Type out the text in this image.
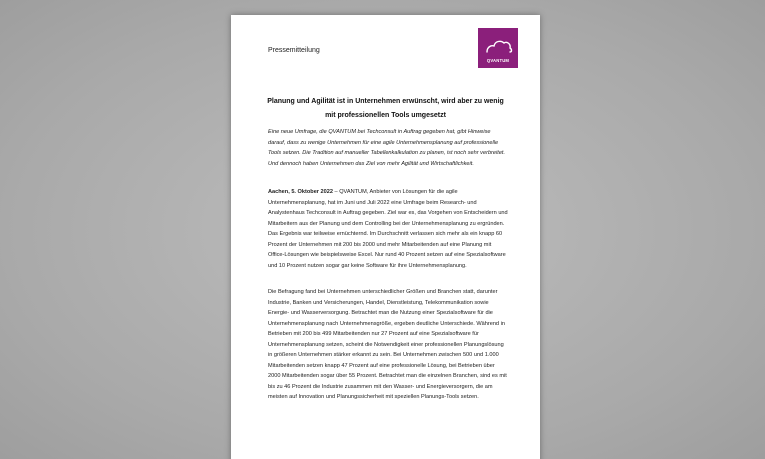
Pressemitteilung
QVANTUM
Planung und Agilität ist in Unternehmen erwünscht, wird aber zu wenig mit professionellen Tools umgesetzt
Eine neue Umfrage, die QVANTUM bei Techconsult in Auftrag gegeben hat, gibt Hinweise darauf, dass zu wenige Unternehmen für eine agile Unternehmensplanung auf professionelle Tools setzen. Die Tradition auf manueller Tabellenkalkulation zu planen, ist noch sehr verbreitet. Und dennoch haben Unternehmen das Ziel von mehr Agilität und Wirtschaftlichkeit.
Aachen, 5. Oktober 2022 – QVANTUM, Anbieter von Lösungen für die agile Unternehmensplanung, hat im Juni und Juli 2022 eine Umfrage beim Research- und Analystenhaus Techconsult in Auftrag gegeben. Ziel war es, das Vorgehen von Entscheidern und Mitarbeitern aus der Planung und dem Controlling bei der Unternehmensplanung zu ergründen. Das Ergebnis war teilweise ernüchternd. Im Durchschnitt verlassen sich mehr als ein knapp 60 Prozent der Unternehmen mit 200 bis 2000 und mehr Mitarbeitenden auf eine Planung mit Office-Lösungen wie beispielsweise Excel. Nur rund 40 Prozent setzen auf eine Spezialsoftware und 10 Prozent nutzen sogar gar keine Software für ihre Unternehmensplanung.
Die Befragung fand bei Unternehmen unterschiedlicher Größen und Branchen statt, darunter Industrie, Banken und Versicherungen, Handel, Dienstleistung, Telekommunikation sowie Energie- und Wasserversorgung. Betrachtet man die Nutzung einer Spezialsoftware für die Unternehmensplanung nach Unternehmensgröße, ergeben deutliche Unterschiede. Während in Betrieben mit 200 bis 499 Mitarbeitenden nur 27 Prozent auf eine Spezialsoftware für Unternehmensplanung setzen, scheint die Notwendigkeit einer professionellen Planungslösung in größeren Unternehmen stärker erkannt zu sein. Bei Unternehmen zwischen 500 und 1.000 Mitarbeitenden setzen knapp 47 Prozent auf eine professionelle Lösung, bei Betrieben über 2000 Mitarbeitenden sogar über 55 Prozent. Betrachtet man die einzelnen Branchen, sind es mit bis zu 46 Prozent die Industrie zusammen mit den Wasser- und Energieversorgern, die am meisten auf Innovation und Planungssicherheit mit speziellen Planungs-Tools setzen.
